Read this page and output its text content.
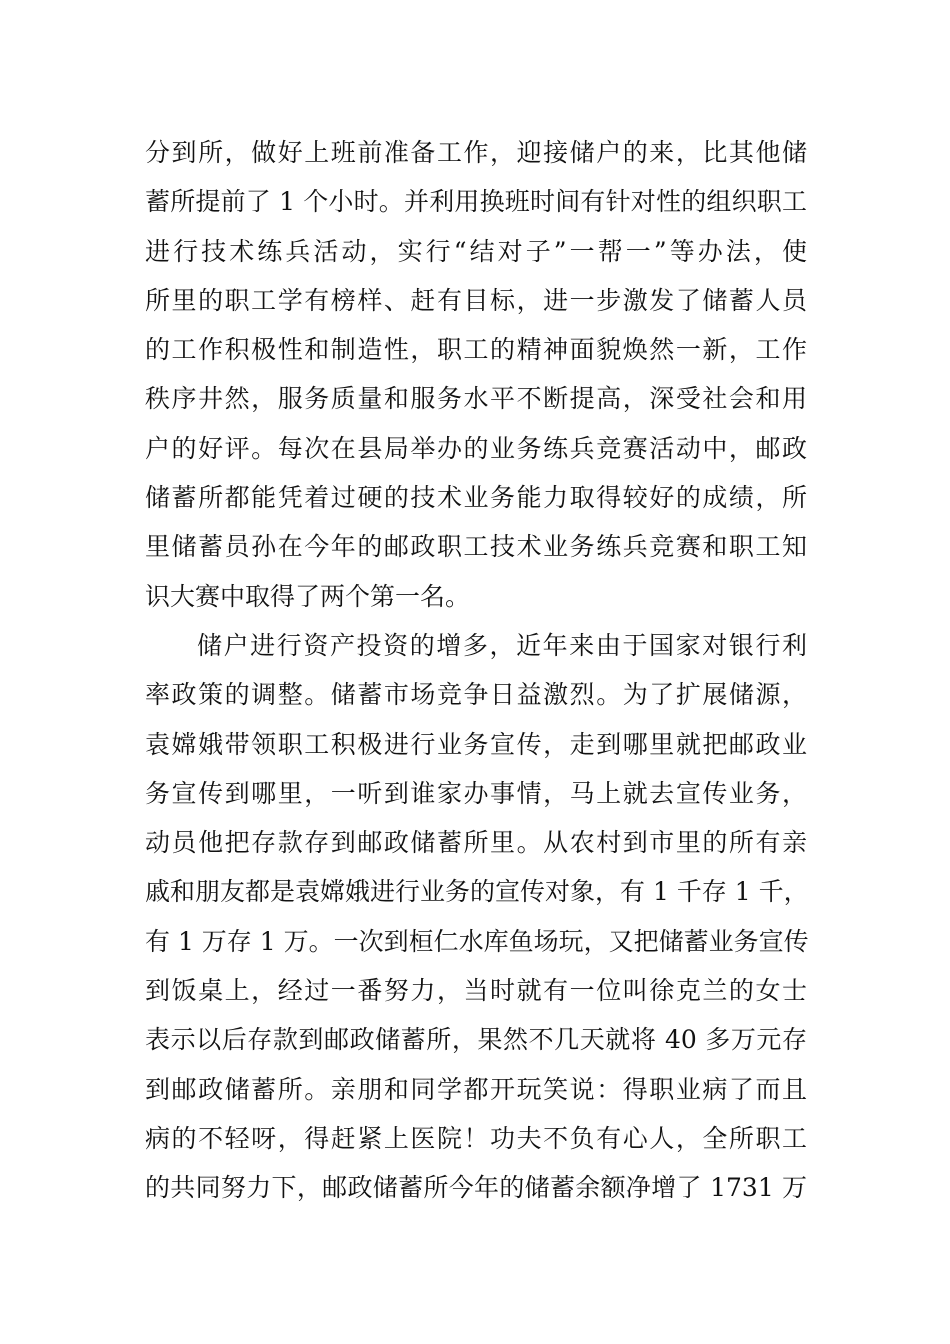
分到所，做好上班前准备工作，迎接储户的来，比其他储
蓄所提前了 1 个小时。并利用换班时间有针对性的组织职工
进行技术练兵活动，实行“结对子”一帮一”等办法，使
所里的职工学有榜样、赶有目标，进一步激发了储蓄人员
的工作积极性和制造性，职工的精神面貌焕然一新，工作
秩序井然，服务质量和服务水平不断提高，深受社会和用
户的好评。每次在县局举办的业务练兵竞赛活动中，邮政
储蓄所都能凭着过硬的技术业务能力取得较好的成绩，所
里储蓄员孙在今年的邮政职工技术业务练兵竞赛和职工知
识大赛中取得了两个第一名。
储户进行资产投资的增多，近年来由于国家对银行利
率政策的调整。储蓄市场竞争日益激烈。为了扩展储源，
袁嫦娥带领职工积极进行业务宣传，走到哪里就把邮政业
务宣传到哪里，一听到谁家办事情，马上就去宣传业务，
动员他把存款存到邮政储蓄所里。从农村到市里的所有亲
戚和朋友都是袁嫦娥进行业务的宣传对象，有 1 千存 1 千，
有 1 万存 1 万。一次到桓仁水库鱼场玩，又把储蓄业务宣传
到饭桌上，经过一番努力，当时就有一位叫徐克兰的女士
表示以后存款到邮政储蓄所，果然不几天就将 40 多万元存
到邮政储蓄所。亲朋和同学都开玩笑说：得职业病了而且
病的不轻呀，得赶紧上医院！功夫不负有心人，全所职工
的共同努力下，邮政储蓄所今年的储蓄余额净增了 1731 万
